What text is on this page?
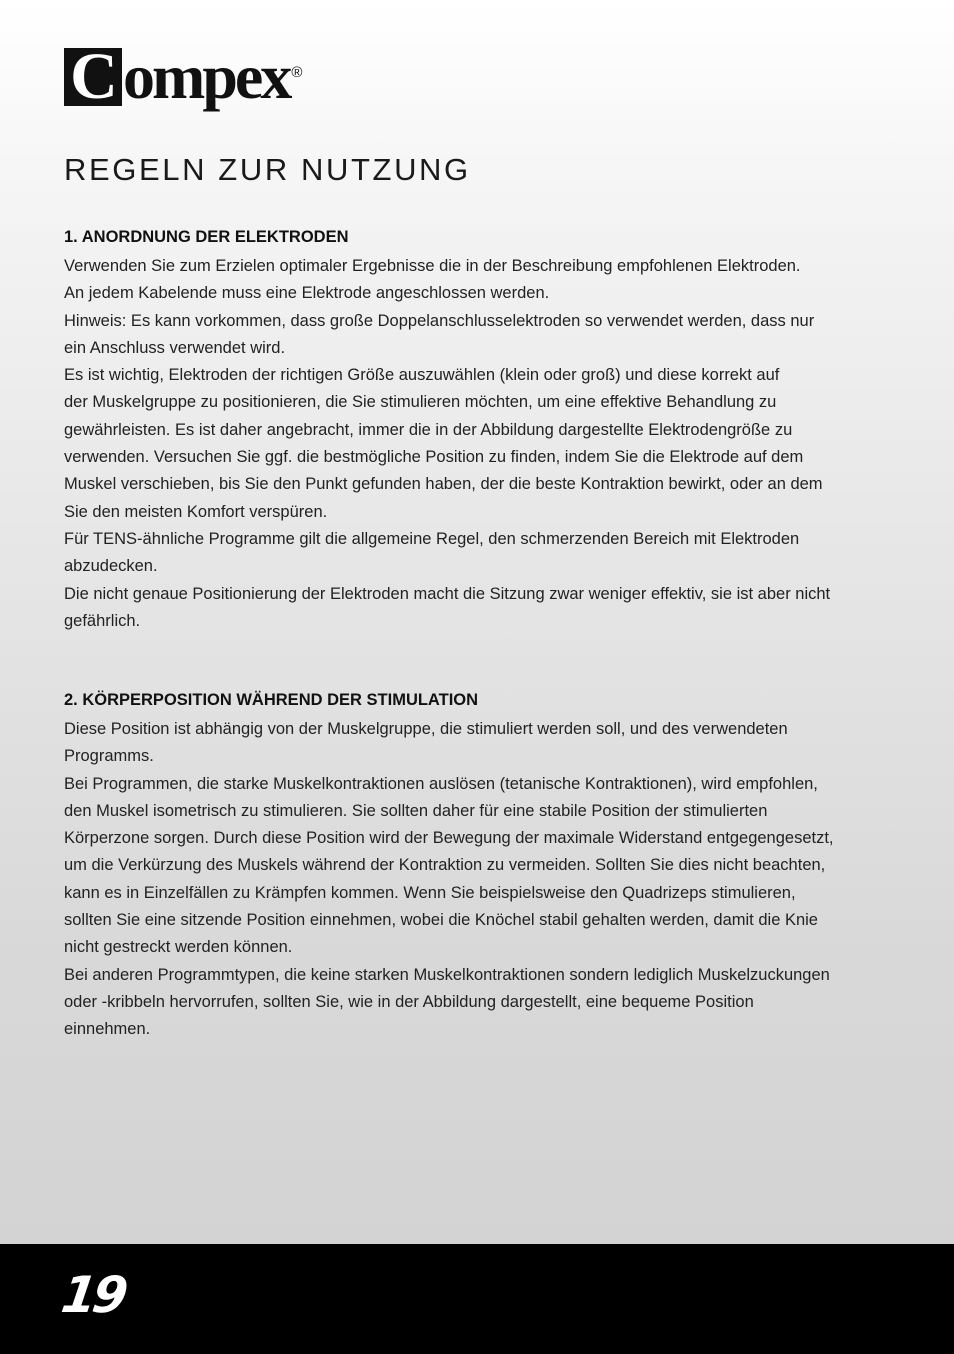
C ompex ®
REGELN ZUR NUTZUNG
1. ANORDNUNG DER ELEKTRODEN

Verwenden Sie zum Erzielen optimaler Ergebnisse die in der Beschreibung empfohlenen Elektroden.
An jedem Kabelende muss eine Elektrode angeschlossen werden.
Hinweis: Es kann vorkommen, dass große Doppelanschlusselektroden so verwendet werden, dass nur
ein Anschluss verwendet wird.
Es ist wichtig, Elektroden der richtigen Größe auszuwählen (klein oder groß) und diese korrekt auf
der Muskelgruppe zu positionieren, die Sie stimulieren möchten, um eine effektive Behandlung zu
gewährleisten. Es ist daher angebracht, immer die in der Abbildung dargestellte Elektrodengröße zu
verwenden. Versuchen Sie ggf. die bestmögliche Position zu finden, indem Sie die Elektrode auf dem
Muskel verschieben, bis Sie den Punkt gefunden haben, der die beste Kontraktion bewirkt, oder an dem
Sie den meisten Komfort verspüren.
Für TENS-ähnliche Programme gilt die allgemeine Regel, den schmerzenden Bereich mit Elektroden
abzudecken.
Die nicht genaue Positionierung der Elektroden macht die Sitzung zwar weniger effektiv, sie ist aber nicht
gefährlich.

2. KÖRPERPOSITION WÄHREND DER STIMULATION

Diese Position ist abhängig von der Muskelgruppe, die stimuliert werden soll, und des verwendeten
Programms.
Bei Programmen, die starke Muskelkontraktionen auslösen (tetanische Kontraktionen), wird empfohlen,
den Muskel isometrisch zu stimulieren. Sie sollten daher für eine stabile Position der stimulierten
Körperzone sorgen. Durch diese Position wird der Bewegung der maximale Widerstand entgegengesetzt,
um die Verkürzung des Muskels während der Kontraktion zu vermeiden. Sollten Sie dies nicht beachten,
kann es in Einzelfällen zu Krämpfen kommen. Wenn Sie beispielsweise den Quadrizeps stimulieren,
sollten Sie eine sitzende Position einnehmen, wobei die Knöchel stabil gehalten werden, damit die Knie
nicht gestreckt werden können.
Bei anderen Programmtypen, die keine starken Muskelkontraktionen sondern lediglich Muskelzuckungen
oder -kribbeln hervorrufen, sollten Sie, wie in der Abbildung dargestellt, eine bequeme Position
einnehmen.

19
